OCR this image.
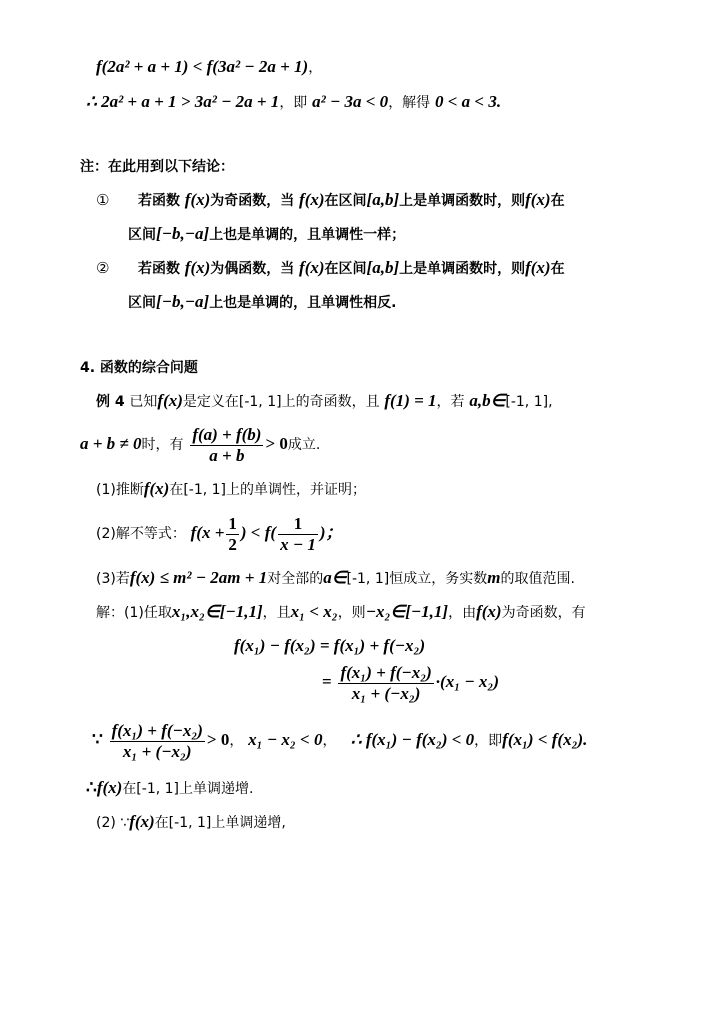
f(2a² + a + 1) < f(3a² − 2a + 1)，
∴ 2a² + a + 1 > 3a² − 2a + 1，即 a² − 3a < 0，解得 0 < a < 3.
注：在此用到以下结论：
① 若函数 f(x)为奇函数，当 f(x)在区间[a,b]上是单调函数时，则f(x)在
区间[−b,−a]上也是单调的，且单调性一样；
② 若函数 f(x)为偶函数，当 f(x)在区间[a,b]上是单调函数时，则f(x)在
区间[−b,−a]上也是单调的，且单调性相反.
4. 函数的综合问题
例 4 已知f(x)是定义在[-1, 1]上的奇函数，且 f(1) = 1，若 a,b∈[-1, 1],
a + b ≠ 0时，有 $\frac{f(a) + f(b)}{a + b} > 0$成立.
(1)推断f(x)在[-1, 1]上的单调性，并证明；
(2)解不等式： $f(x + \frac{1}{2}$ ) < $f( \frac{1}{x - 1}$ )；
(3)若f(x) ≤ m² − 2am + 1对全部的a∈[-1, 1]恒成立，务实数m的取值范围.
解：(1)任取x₁,x₂∈[−1,1]，且x₁ < x₂，则−x₂∈[−1,1]，由f(x)为奇函数，有
f(x₁) − f(x₂) = f(x₁) + f(−x₂)
= $\frac{\text{f(x₁) + f(−x₂)}}{\text{x₁ + (−x₂)}} \cdot(x_1 - x_2)$
∵ $\frac{\text{f(x₁) + f(−x₂)}}{\text{x₁ + (−x₂)}} > 0$， x₁ − x₂ < 0， ∴ f(x₁) − f(x₂) < 0，即f(x₁) < f(x₂).
∴f(x)在[-1, 1]上单调递增.
(2) ∵f(x)在[-1, 1]上单调递增,
